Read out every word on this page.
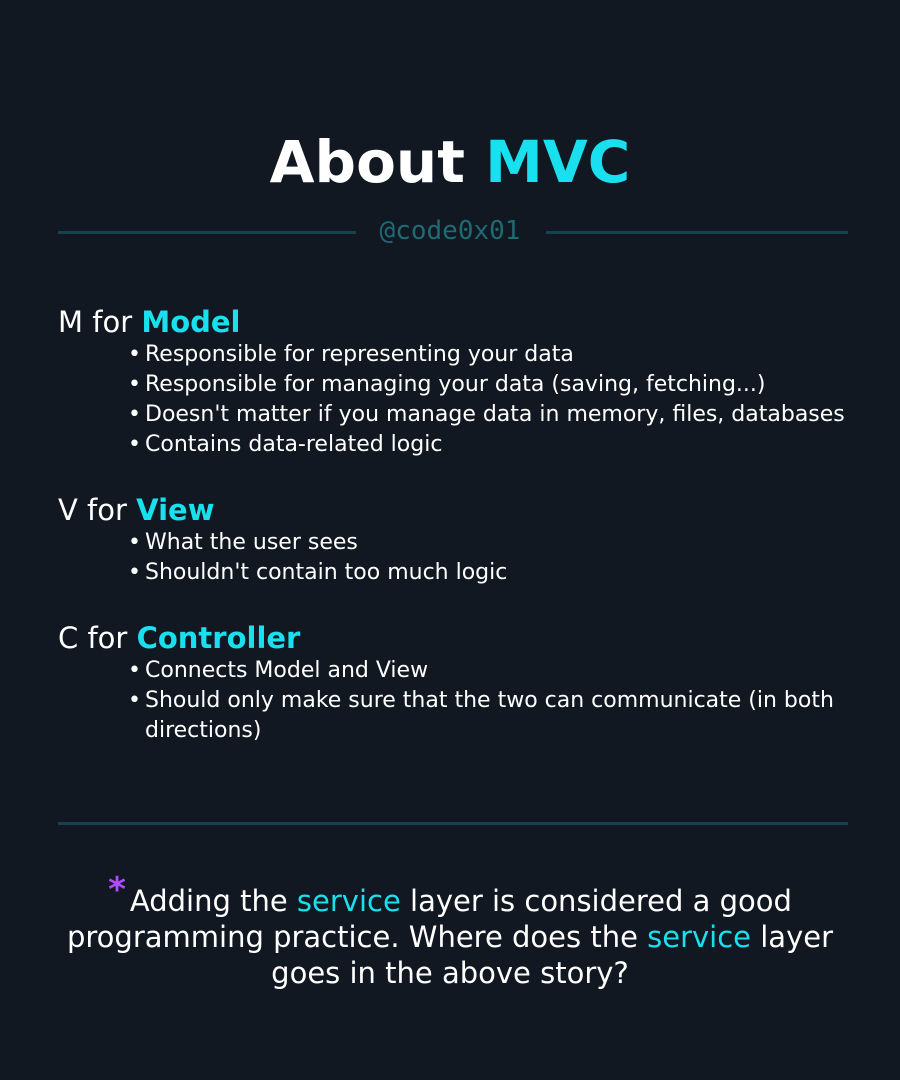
About MVC
@code0x01
M for Model
• Responsible for representing your data
• Responsible for managing your data (saving, fetching...)
• Doesn't matter if you manage data in memory, files, databases
• Contains data-related logic
V for View
• What the user sees
• Shouldn't contain too much logic
C for Controller
• Connects Model and View
• Should only make sure that the two can communicate (in both directions)

* Adding the service layer is considered a good programming practice. Where does the service layer goes in the above story?
